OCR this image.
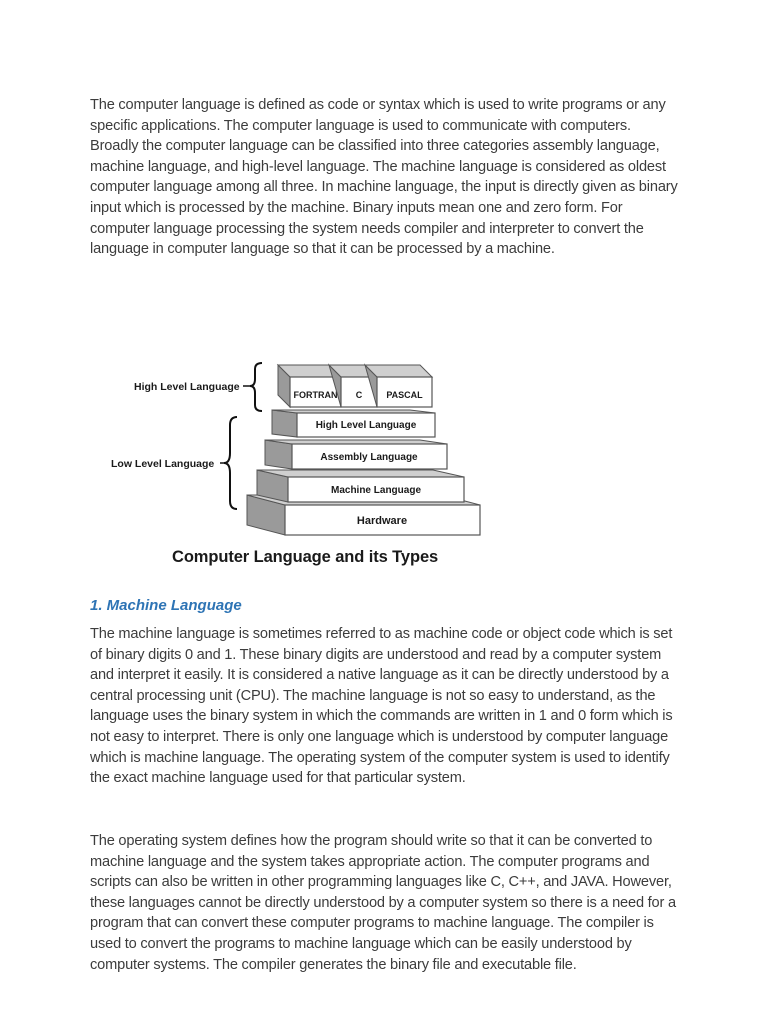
The computer language is defined as code or syntax which is used to write programs or any specific applications. The computer language is used to communicate with computers. Broadly the computer language can be classified into three categories assembly language, machine language, and high-level language. The machine language is considered as oldest computer language among all three. In machine language, the input is directly given as binary input which is processed by the machine. Binary inputs mean one and zero form. For computer language processing the system needs compiler and interpreter to convert the language in computer language so that it can be processed by a machine.

Hardware
Machine Language
Assembly Language
High Level Language
FORTRAN C	PASCAL
High Level Language
Low Level Language

Computer Language and its Types

1. Machine Language

The machine language is sometimes referred to as machine code or object code which is set of binary digits 0 and 1. These binary digits are understood and read by a computer system and interpret it easily. It is considered a native language as it can be directly understood by a central processing unit (CPU). The machine language is not so easy to understand, as the language uses the binary system in which the commands are written in 1 and 0 form which is not easy to interpret. There is only one language which is understood by computer language which is machine language. The operating system of the computer system is used to identify the exact machine language used for that particular system.

The operating system defines how the program should write so that it can be converted to machine language and the system takes appropriate action. The computer programs and scripts can also be written in other programming languages like C, C++, and JAVA. However, these languages cannot be directly understood by a computer system so there is a need for a program that can convert these computer programs to machine language. The compiler is used to convert the programs to machine language which can be easily understood by computer systems. The compiler generates the binary file and executable file.
